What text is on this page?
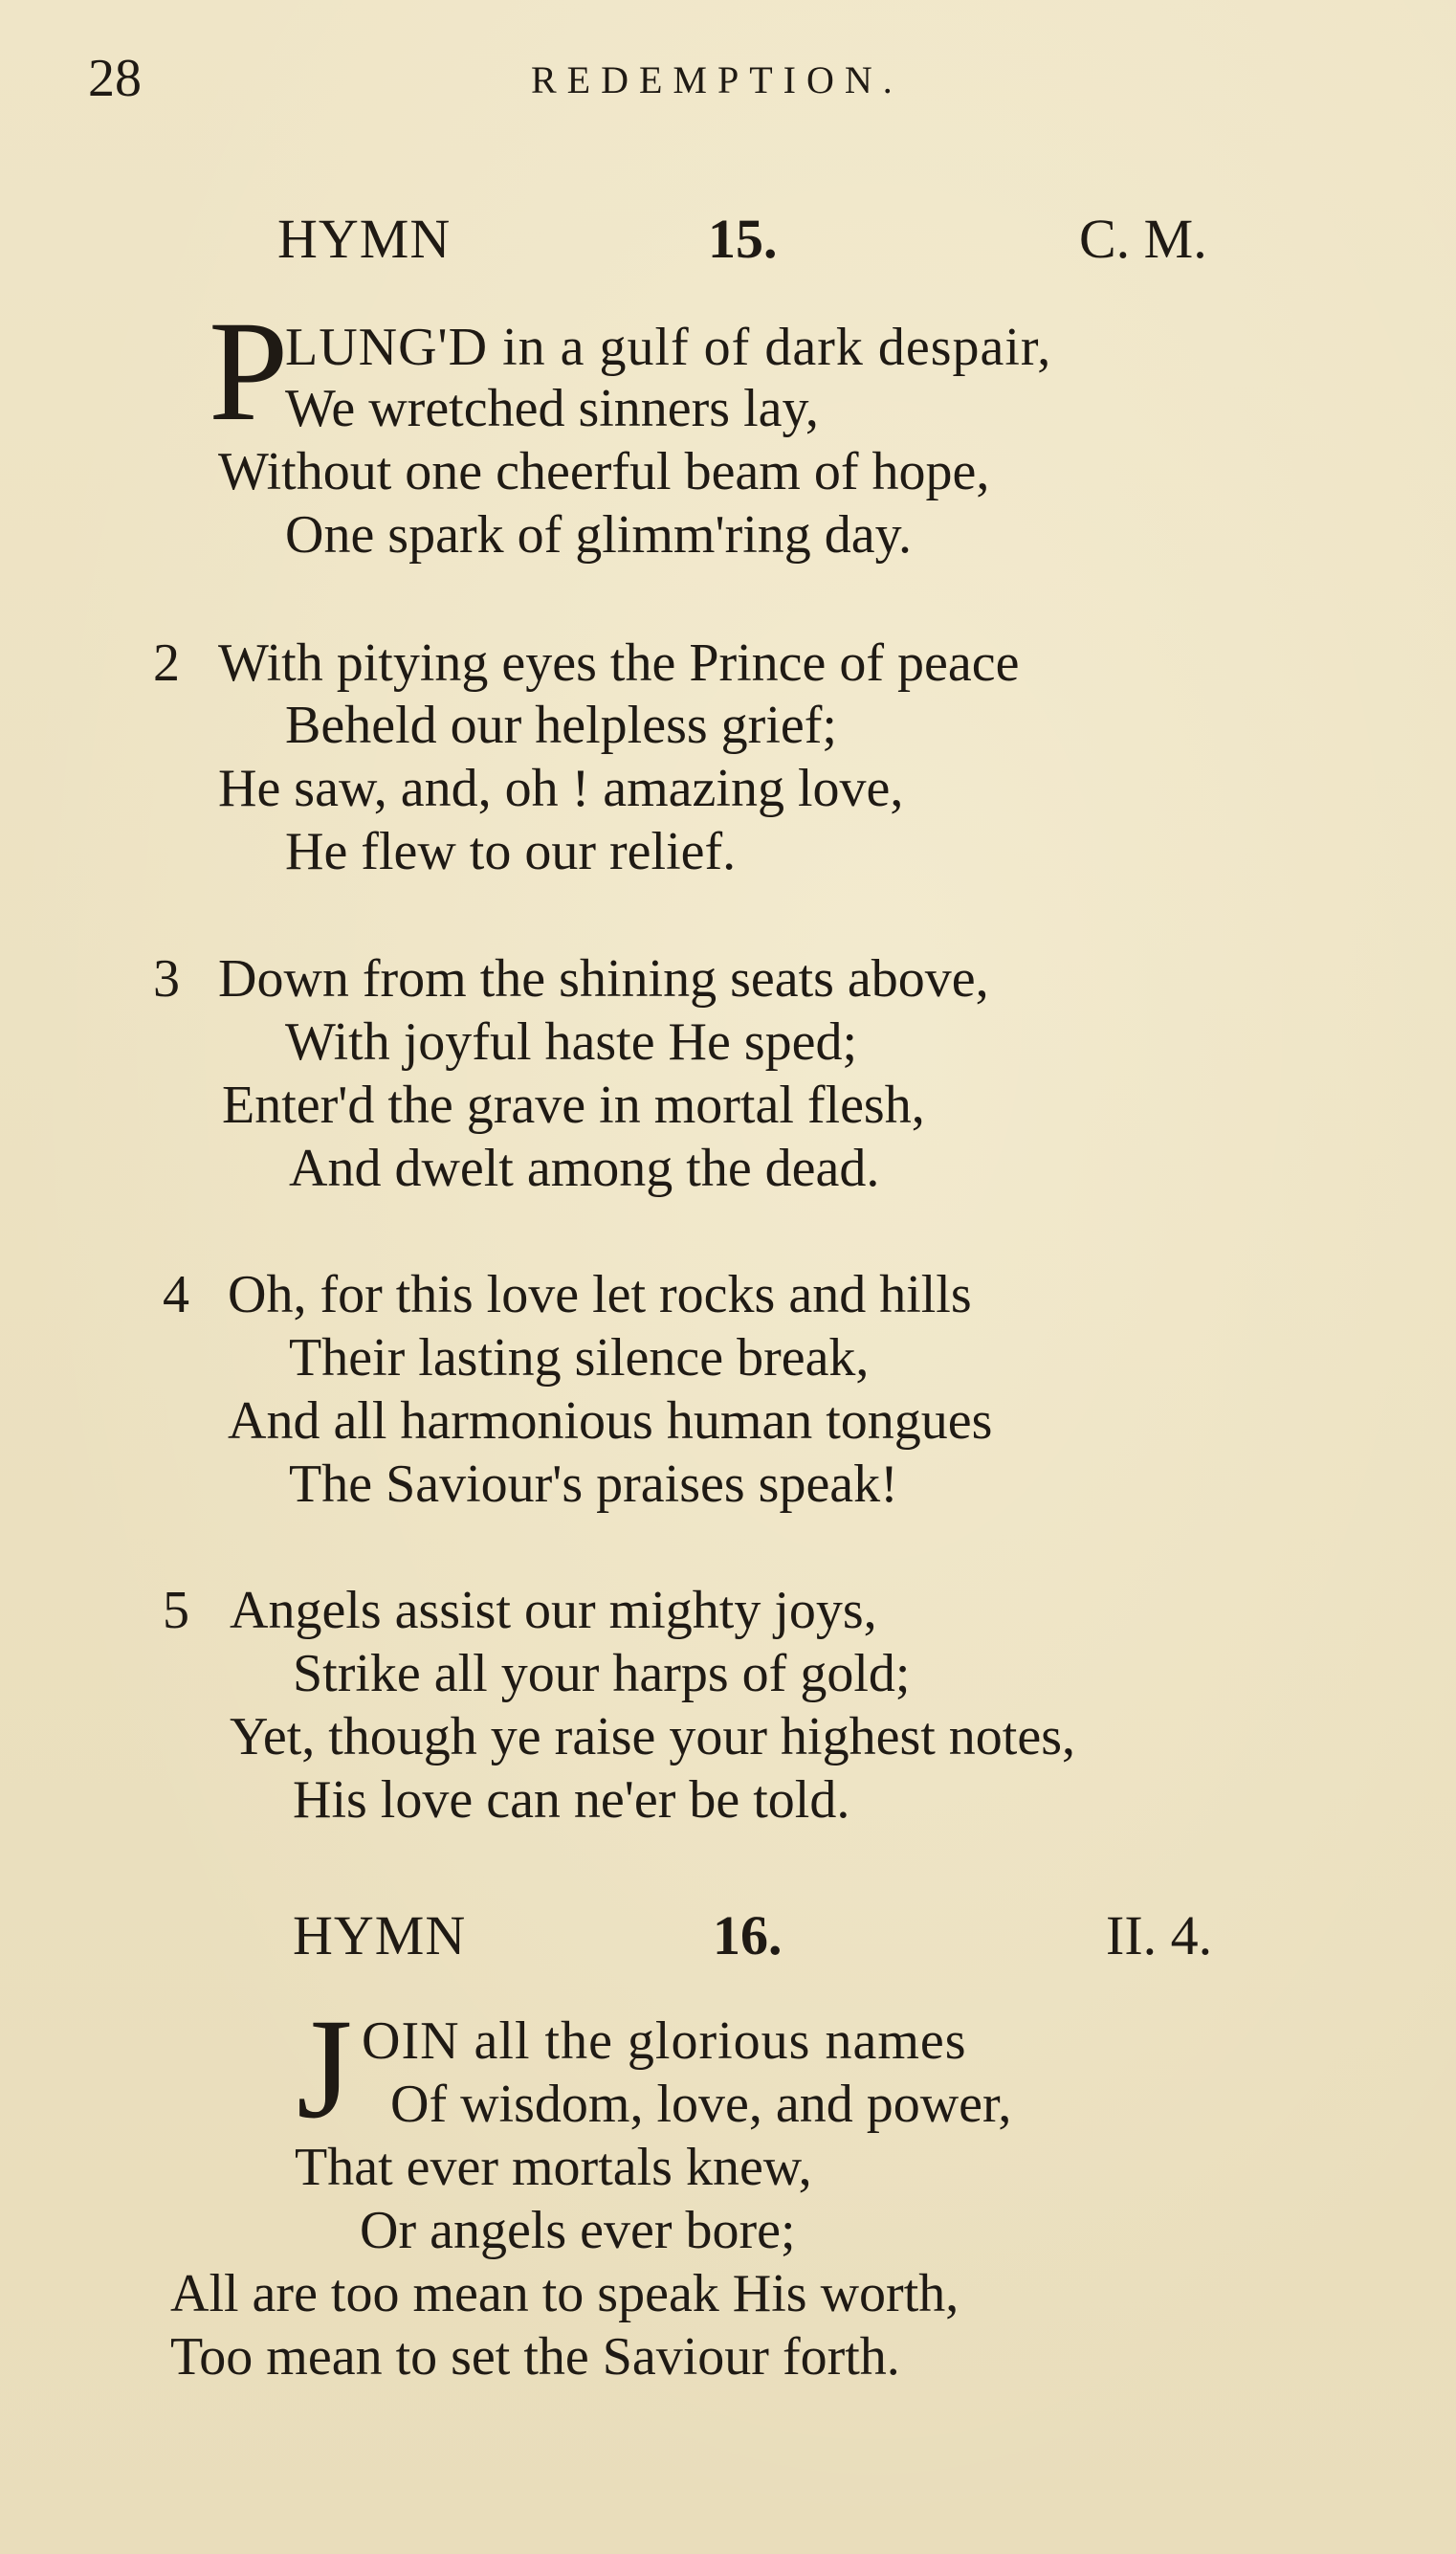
28	REDEMPTION.
HYMN	15.	C. M.
P
LUNG'D in a gulf of dark despair,
We wretched sinners lay,
Without one cheerful beam of hope,
One spark of glimm'ring day.
2 With pitying eyes the Prince of peace
Beheld our helpless grief;
He saw, and, oh ! amazing love,
He flew to our relief.
3 Down from the shining seats above,
With joyful haste He sped;
Enter'd the grave in mortal flesh,
And dwelt among the dead.
4 Oh, for this love let rocks and hills
Their lasting silence break,
And all harmonious human tongues
The Saviour's praises speak!
5 Angels assist our mighty joys,
Strike all your harps of gold;
Yet, though ye raise your highest notes,
His love can ne'er be told.
HYMN	16.	II. 4.
J OIN all the glorious names
Of wisdom, love, and power,
That ever mortals knew,
Or angels ever bore;
All are too mean to speak His worth,
Too mean to set the Saviour forth.
